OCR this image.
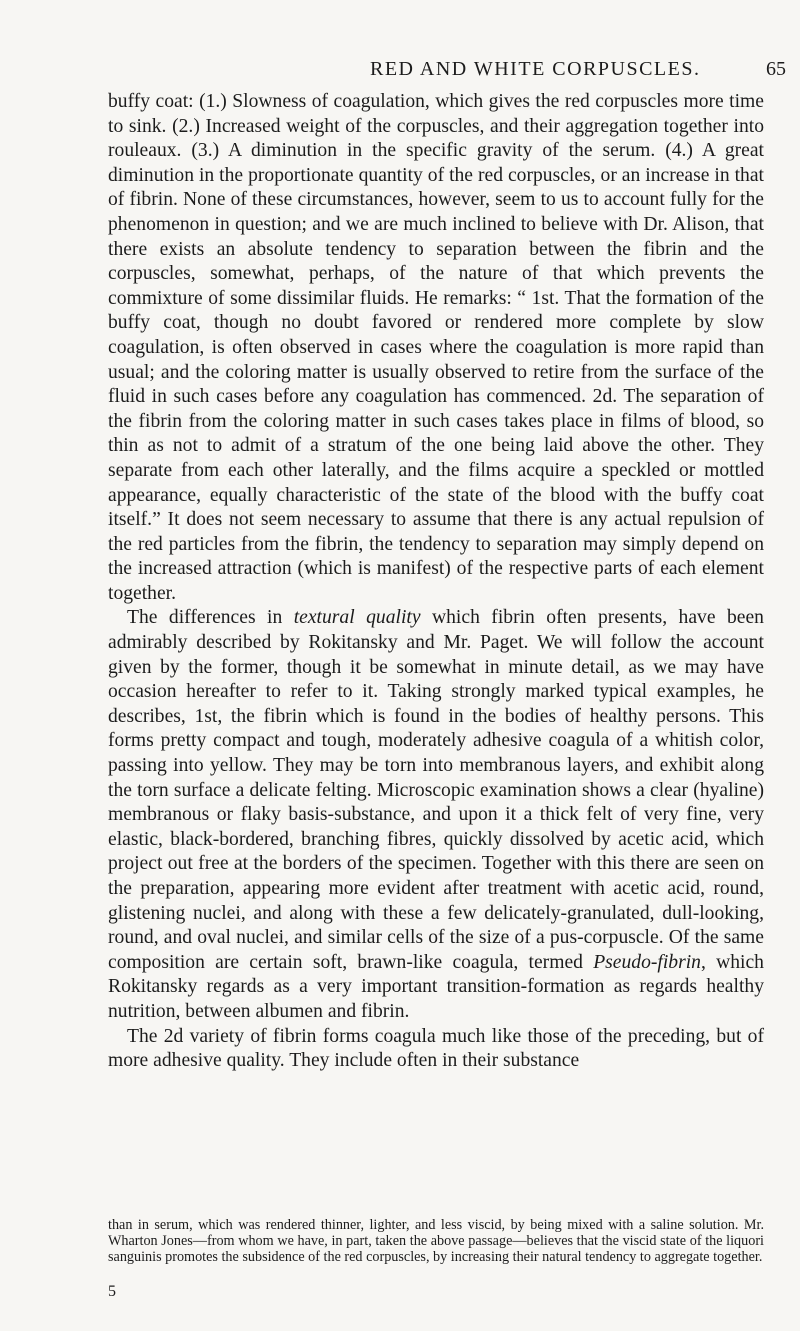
RED AND WHITE CORPUSCLES.	65

buffy coat: (1.) Slowness of coagulation, which gives the red corpuscles more time to sink. (2.) Increased weight of the corpuscles, and their aggregation together into rouleaux. (3.) A diminution in the specific gravity of the serum. (4.) A great diminution in the proportionate quantity of the red corpuscles, or an increase in that of fibrin. None of these circumstances, however, seem to us to account fully for the phenomenon in question; and we are much inclined to believe with Dr. Alison, that there exists an absolute tendency to separation between the fibrin and the corpuscles, somewhat, perhaps, of the nature of that which prevents the commixture of some dissimilar fluids. He remarks: “ 1st. That the formation of the buffy coat, though no doubt favored or rendered more complete by slow coagulation, is often observed in cases where the coagulation is more rapid than usual; and the coloring matter is usually observed to retire from the surface of the fluid in such cases before any coagulation has commenced. 2d. The separation of the fibrin from the coloring matter in such cases takes place in films of blood, so thin as not to admit of a stratum of the one being laid above the other. They separate from each other laterally, and the films acquire a speckled or mottled appearance, equally characteristic of the state of the blood with the buffy coat itself.” It does not seem necessary to assume that there is any actual repulsion of the red particles from the fibrin, the tendency to separation may simply depend on the increased attraction (which is manifest) of the respective parts of each element together.

The differences in textural quality which fibrin often presents, have been admirably described by Rokitansky and Mr. Paget. We will follow the account given by the former, though it be somewhat in minute detail, as we may have occasion hereafter to refer to it. Taking strongly marked typical examples, he describes, 1st, the fibrin which is found in the bodies of healthy persons. This forms pretty compact and tough, moderately adhesive coagula of a whitish color, passing into yellow. They may be torn into membranous layers, and exhibit along the torn surface a delicate felting. Microscopic examination shows a clear (hyaline) membranous or flaky basis-substance, and upon it a thick felt of very fine, very elastic, black-bordered, branching fibres, quickly dissolved by acetic acid, which project out free at the borders of the specimen. Together with this there are seen on the preparation, appearing more evident after treatment with acetic acid, round, glistening nuclei, and along with these a few delicately-granulated, dull-looking, round, and oval nuclei, and similar cells of the size of a pus-corpuscle. Of the same composition are certain soft, brawn-like coagula, termed Pseudo-fibrin, which Rokitansky regards as a very important transition-formation as regards healthy nutrition, between albumen and fibrin.

The 2d variety of fibrin forms coagula much like those of the preceding, but of more adhesive quality. They include often in their substance

than in serum, which was rendered thinner, lighter, and less viscid, by being mixed with a saline solution. Mr. Wharton Jones—from whom we have, in part, taken the above passage—believes that the viscid state of the liquori sanguinis promotes the subsidence of the red corpuscles, by increasing their natural tendency to aggregate together.

5
